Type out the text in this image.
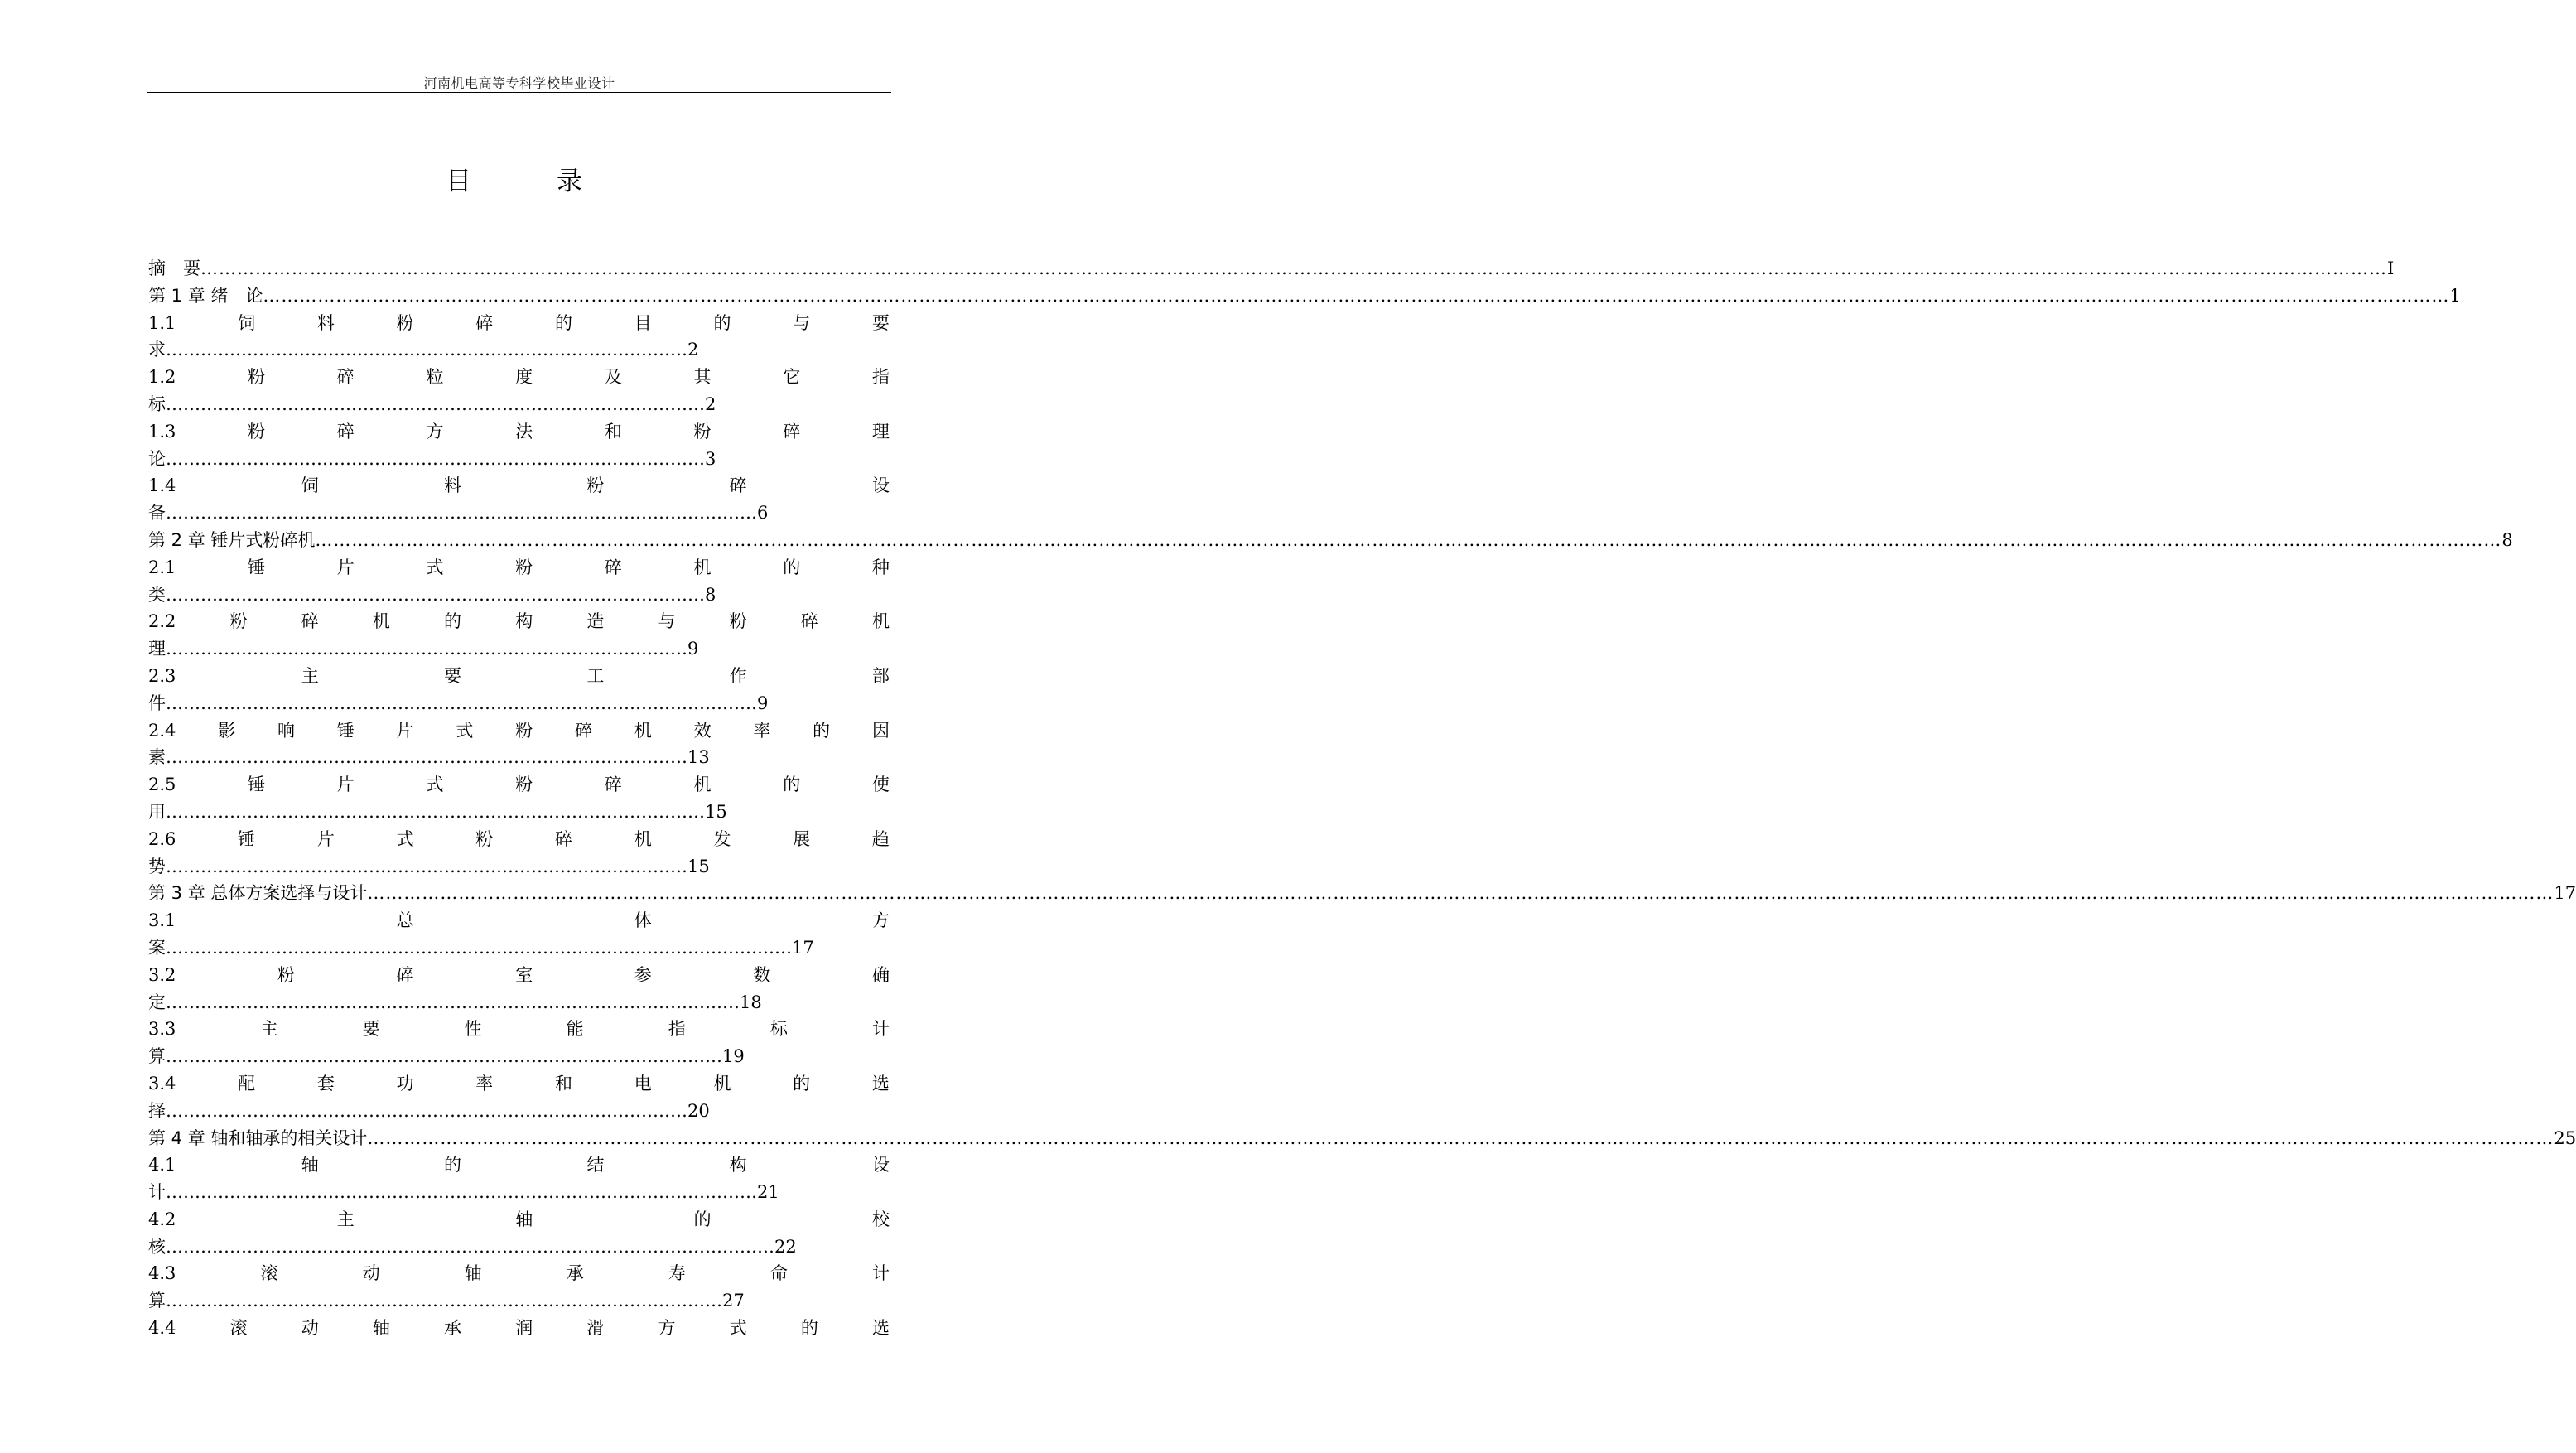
河南机电高等专科学校毕业设计
目　录
摘　要 ……………………………………………………………………………………………………………………………………………………………………………………………………………………………………………………………………………………………………………………………… I
第 1 章 绪　论 ……………………………………………………………………………………………………………………………………………………………………………………………………………………………………………………………………………………………………………………………… 1
1.1	饲	料	粉	碎	的	目	的	与	要
求………………………………………………………………………………2
1.2	粉	碎	粒	度	及	其	它	指
标…………………………………………………………………………………2
1.3	粉	碎	方	法	和	粉	碎	理
论…………………………………………………………………………………3
1.4	饲	料	粉	碎	设
备…………………………………………………………………………………………6
第 2 章 锤片式粉碎机 ……………………………………………………………………………………………………………………………………………………………………………………………………………………………………………………………………………………………………………………………… 8
2.1	锤	片	式	粉	碎	机	的	种
类…………………………………………………………………………………8
2.2	粉	碎	机	的	构	造	与	粉	碎	机
理………………………………………………………………………………9
2.3	主	要	工	作	部
件…………………………………………………………………………………………9
2.4 影 响 锤 片 式 粉 碎 机 效 率 的 因
素………………………………………………………………………………13
2.5	锤	片	式	粉	碎	机	的	使
用…………………………………………………………………………………15
2.6	锤	片	式	粉	碎	机	发	展	趋
势………………………………………………………………………………15
第 3 章 总体方案选择与设计 ……………………………………………………………………………………………………………………………………………………………………………………………………………………………………………………………………………………………………………………………… 17
3.1	总	体	方
案………………………………………………………………………………………………17
3.2	粉	碎	室	参	数	确
定………………………………………………………………………………………18
3.3	主	要	性	能	指	标	计
算……………………………………………………………………………………19
3.4	配	套	功	率	和	电	机	的	选
择………………………………………………………………………………20
第 4 章 轴和轴承的相关设计 ……………………………………………………………………………………………………………………………………………………………………………………………………………………………………………………………………………………………………………………………… 25
4.1	轴	的	结	构	设
计…………………………………………………………………………………………21
4.2	主	轴	的	校
核……………………………………………………………………………………………22
4.3	滚	动	轴	承	寿	命	计
算……………………………………………………………………………………27
4.4	滚	动	轴	承	润	滑	方	式	的	选
